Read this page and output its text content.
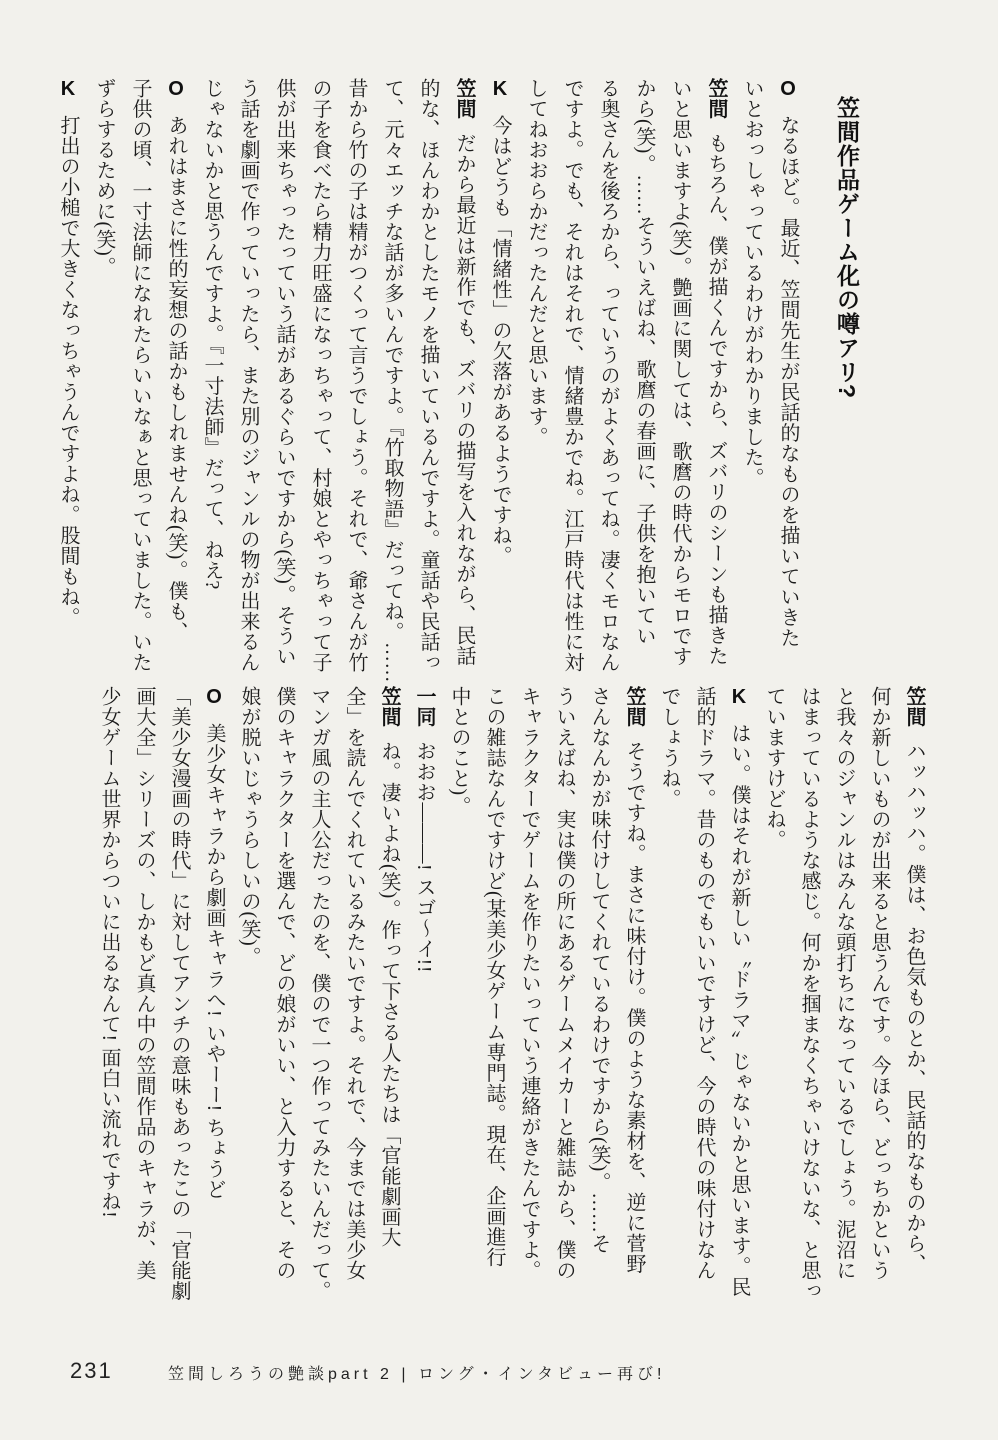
笠間作品ゲーム化の噂アリ?
Oなるほど。最近、笠間先生が民話的なものを描いていきた
いとおっしゃっているわけがわかりました。
笠間もちろん、僕が描くんですから、ズバリのシーンも描きた
いと思いますよ(笑)。艶画に関しては、歌麿の時代からモロです
から(笑)。……そういえばね、歌麿の春画に、子供を抱いてい
る奥さんを後ろから、っていうのがよくあってね。凄くモロなん
ですよ。でも、それはそれで、情緒豊かでね。江戸時代は性に対
してねおおらかだったんだと思います。
K今はどうも「情緒性」の欠落があるようですね。
笠間だから最近は新作でも、ズバリの描写を入れながら、民話
的な、ほんわかとしたモノを描いているんですよ。童話や民話っ
て、元々エッチな話が多いんですよ。『竹取物語』だってね。……
昔から竹の子は精がつくって言うでしょう。それで、爺さんが竹
の子を食べたら精力旺盛になっちゃって、村娘とやっちゃって子
供が出来ちゃったっていう話があるぐらいですから(笑)。そうい
う話を劇画で作っていったら、また別のジャンルの物が出来るん
じゃないかと思うんですよ。『一寸法師』だって、ねえ?
Oあれはまさに性的妄想の話かもしれませんね(笑)。僕も、
子供の頃、一寸法師になれたらいいなぁと思っていました。いた
ずらするために(笑)。
K打出の小槌で大きくなっちゃうんですよね。股間もね。
笠間ハッハッハ。僕は、お色気ものとか、民話的なものから、
何か新しいものが出来ると思うんです。今ほら、どっちかという
と我々のジャンルはみんな頭打ちになっているでしょう。泥沼に
はまっているような感じ。何かを掴まなくちゃいけないな、と思っ
ていますけどね。
Kはい。僕はそれが新しい〝ドラマ〟じゃないかと思います。民
話的ドラマ。昔のものでもいいですけど、今の時代の味付けなん
でしょうね。
笠間そうですね。まさに味付け。僕のような素材を、逆に菅野
さんなんかが味付けしてくれているわけですから(笑)。……そ
ういえばね、実は僕の所にあるゲームメイカーと雑誌から、僕の
キャラクターでゲームを作りたいっていう連絡がきたんですよ。
この雑誌なんですけど(某美少女ゲーム専門誌。現在、企画進行
中とのこと)。
一同おおお———! スゴ〜イ!!
笠間ね。凄いよね(笑)。作って下さる人たちは「官能劇画大
全」を読んでくれているみたいですよ。それで、今までは美少女
マンガ風の主人公だったのを、僕ので一つ作ってみたいんだって。
僕のキャラクターを選んで、どの娘がいい、と入力すると、その
娘が脱いじゃうらしいの(笑)。
O美少女キャラから劇画キャラへ! いやーー! ちょうど
「美少女漫画の時代」に対してアンチの意味もあったこの「官能劇
画大全」シリーズの、しかもど真ん中の笠間作品のキャラが、美
少女ゲーム世界からついに出るなんて! 面白い流れですね!
231	笠間しろうの艶談part 2 | ロング・インタビュー再び!
